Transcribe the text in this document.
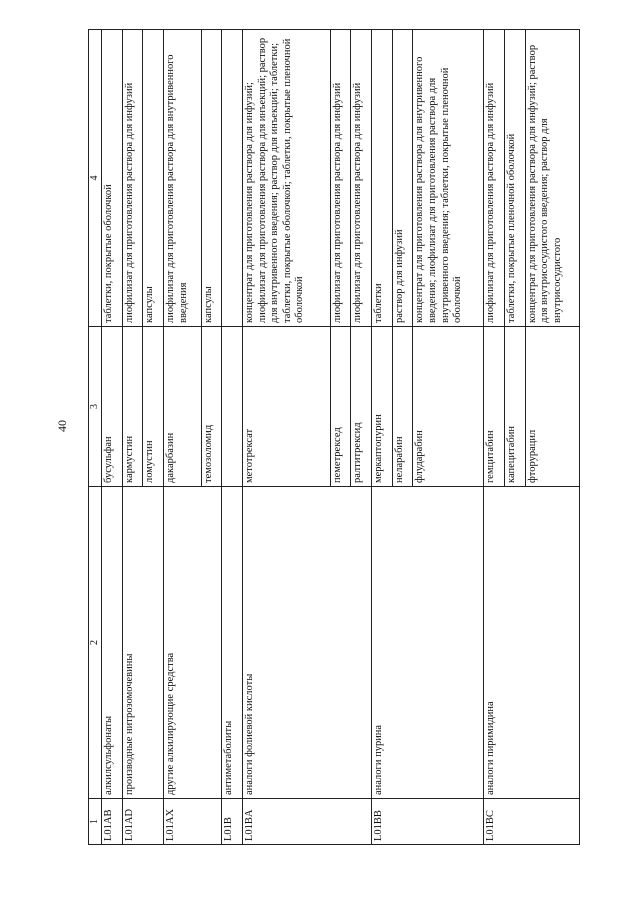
40
1	2	3	4
L01AB	алкилсульфонаты	бусульфан	таблетки, покрытые оболочкой
L01AD	производные нитрозомочевины	кармустин	лиофилизат для приготовления раствора для инфузий
		ломустин	капсулы
L01AX	другие алкилирующие средства	дакарбазин	лиофилизат для приготовления раствора для внутривенного введения
		темозоломид	капсулы
L01B	антиметаболиты		
L01BA	аналоги фолиевой кислоты	метотрексат	концентрат для приготовления раствора для инфузий; лиофилизат для приготовления раствора для инъекций; раствор для внутривенного введения; раствор для инъекций; таблетки; таблетки, покрытые оболочкой; таблетки, покрытые пленочной оболочкой
		пеметрексед	лиофилизат для приготовления раствора для инфузий
		ралтитрексид	лиофилизат для приготовления раствора для инфузий
L01BB	аналоги пурина	меркаптопурин	таблетки
		неларабин	раствор для инфузий
		флударабин	концентрат для приготовления раствора для внутривенного введения; лиофилизат для приготовления раствора для внутривенного введения; таблетки, покрытые пленочной оболочкой
L01BC	аналоги пиримидина	гемцитабин	лиофилизат для приготовления раствора для инфузий
		капецитабин	таблетки, покрытые пленочной оболочкой
		фторурацил	концентрат для приготовления раствора для инфузий; раствор для внутрисосудистого введения; раствор для внутрисосудистого
